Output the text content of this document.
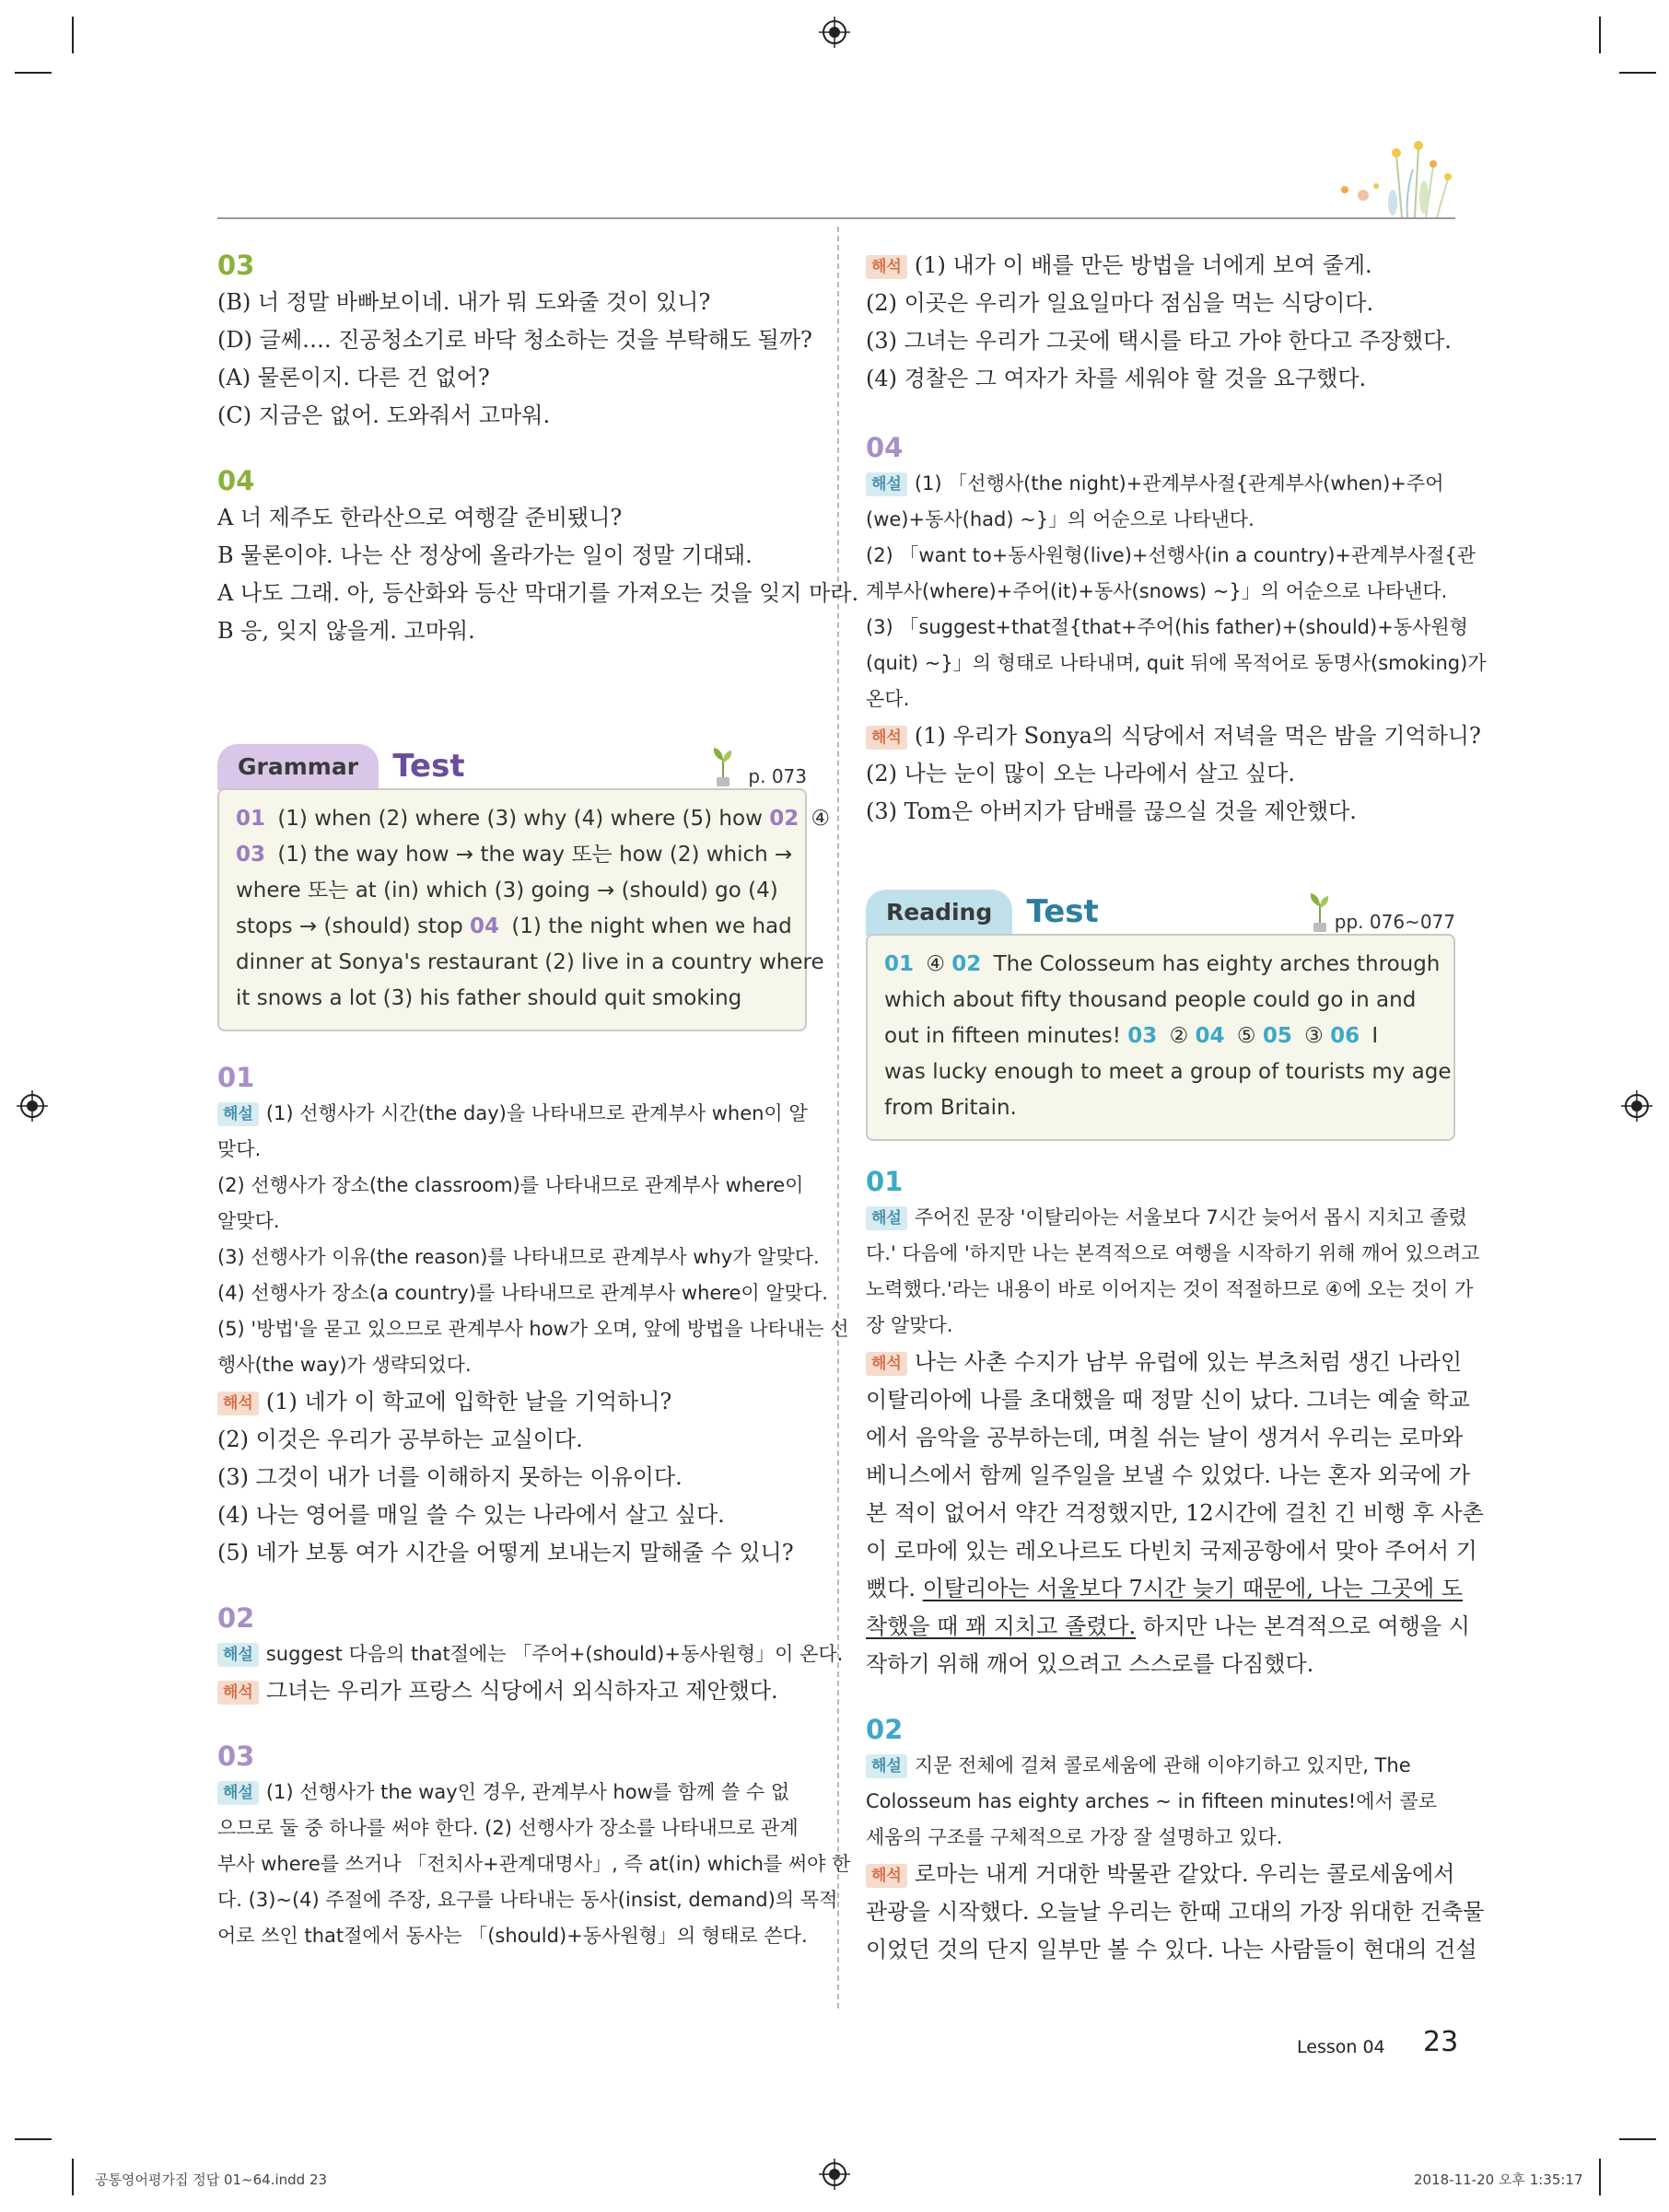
03
(B) 너 정말 바빠보이네. 내가 뭐 도와줄 것이 있니?
(D) 글쎄…. 진공청소기로 바닥 청소하는 것을 부탁해도 될까?
(A) 물론이지. 다른 건 없어?
(C) 지금은 없어. 도와줘서 고마워.
04
A 너 제주도 한라산으로 여행갈 준비됐니?
B 물론이야. 나는 산 정상에 올라가는 일이 정말 기대돼.
A 나도 그래. 아, 등산화와 등산 막대기를 가져오는 것을 잊지 마라.
B 응, 잊지 않을게. 고마워.
Grammar Test	p. 073
01 (1) when (2) where (3) why (4) where (5) how 02 ④
03 (1) the way how → the way 또는 how (2) which →
where 또는 at (in) which (3) going → (should) go (4)
stops → (should) stop 04 (1) the night when we had
dinner at Sonya's restaurant (2) live in a country where
it snows a lot (3) his father should quit smoking
01
해설 (1) 선행사가 시간(the day)을 나타내므로 관계부사 when이 알
맞다.
(2) 선행사가 장소(the classroom)를 나타내므로 관계부사 where이
알맞다.
(3) 선행사가 이유(the reason)를 나타내므로 관계부사 why가 알맞다.
(4) 선행사가 장소(a country)를 나타내므로 관계부사 where이 알맞다.
(5) '방법'을 묻고 있으므로 관계부사 how가 오며, 앞에 방법을 나타내는 선
행사(the way)가 생략되었다.
해석 (1) 네가 이 학교에 입학한 날을 기억하니?
(2) 이것은 우리가 공부하는 교실이다.
(3) 그것이 내가 너를 이해하지 못하는 이유이다.
(4) 나는 영어를 매일 쓸 수 있는 나라에서 살고 싶다.
(5) 네가 보통 여가 시간을 어떻게 보내는지 말해줄 수 있니?
02
해설 suggest 다음의 that절에는 「주어+(should)+동사원형」이 온다.
해석 그녀는 우리가 프랑스 식당에서 외식하자고 제안했다.
03
해설 (1) 선행사가 the way인 경우, 관계부사 how를 함께 쓸 수 없
으므로 둘 중 하나를 써야 한다. (2) 선행사가 장소를 나타내므로 관계
부사 where를 쓰거나 「전치사+관계대명사」, 즉 at(in) which를 써야 한
다. (3)~(4) 주절에 주장, 요구를 나타내는 동사(insist, demand)의 목적
어로 쓰인 that절에서 동사는 「(should)+동사원형」의 형태로 쓴다.
해석 (1) 내가 이 배를 만든 방법을 너에게 보여 줄게.
(2) 이곳은 우리가 일요일마다 점심을 먹는 식당이다.
(3) 그녀는 우리가 그곳에 택시를 타고 가야 한다고 주장했다.
(4) 경찰은 그 여자가 차를 세워야 할 것을 요구했다.
04
해설 (1) 「선행사(the night)+관계부사절{관계부사(when)+주어
(we)+동사(had) ~}」의 어순으로 나타낸다.
(2) 「want to+동사원형(live)+선행사(in a country)+관계부사절{관
계부사(where)+주어(it)+동사(snows) ~}」의 어순으로 나타낸다.
(3) 「suggest+that절{that+주어(his father)+(should)+동사원형
(quit) ~}」의 형태로 나타내며, quit 뒤에 목적어로 동명사(smoking)가
온다.
해석 (1) 우리가 Sonya의 식당에서 저녁을 먹은 밤을 기억하니?
(2) 나는 눈이 많이 오는 나라에서 살고 싶다.
(3) Tom은 아버지가 담배를 끊으실 것을 제안했다.
Reading Test	pp. 076~077
01 ④ 02 The Colosseum has eighty arches through
which about fifty thousand people could go in and
out in fifteen minutes! 03 ② 04 ⑤ 05 ③ 06 I
was lucky enough to meet a group of tourists my age
from Britain.
01
해설 주어진 문장 '이탈리아는 서울보다 7시간 늦어서 몹시 지치고 졸렸
다.' 다음에 '하지만 나는 본격적으로 여행을 시작하기 위해 깨어 있으려고
노력했다.'라는 내용이 바로 이어지는 것이 적절하므로 ④에 오는 것이 가
장 알맞다.
해석 나는 사촌 수지가 남부 유럽에 있는 부츠처럼 생긴 나라인
이탈리아에 나를 초대했을 때 정말 신이 났다. 그녀는 예술 학교
에서 음악을 공부하는데, 며칠 쉬는 날이 생겨서 우리는 로마와
베니스에서 함께 일주일을 보낼 수 있었다. 나는 혼자 외국에 가
본 적이 없어서 약간 걱정했지만, 12시간에 걸친 긴 비행 후 사촌
이 로마에 있는 레오나르도 다빈치 국제공항에서 맞아 주어서 기
뻤다. 이탈리아는 서울보다 7시간 늦기 때문에, 나는 그곳에 도
착했을 때 꽤 지치고 졸렸다. 하지만 나는 본격적으로 여행을 시
작하기 위해 깨어 있으려고 스스로를 다짐했다.
02
해설 지문 전체에 걸쳐 콜로세움에 관해 이야기하고 있지만, The
Colosseum has eighty arches ~ in fifteen minutes!에서 콜로
세움의 구조를 구체적으로 가장 잘 설명하고 있다.
해석 로마는 내게 거대한 박물관 같았다. 우리는 콜로세움에서
관광을 시작했다. 오늘날 우리는 한때 고대의 가장 위대한 건축물
이었던 것의 단지 일부만 볼 수 있다. 나는 사람들이 현대의 건설
Lesson 04 23
공통영어평가집 정답 01~64.indd 23	2018-11-20 오후 1:35:17
